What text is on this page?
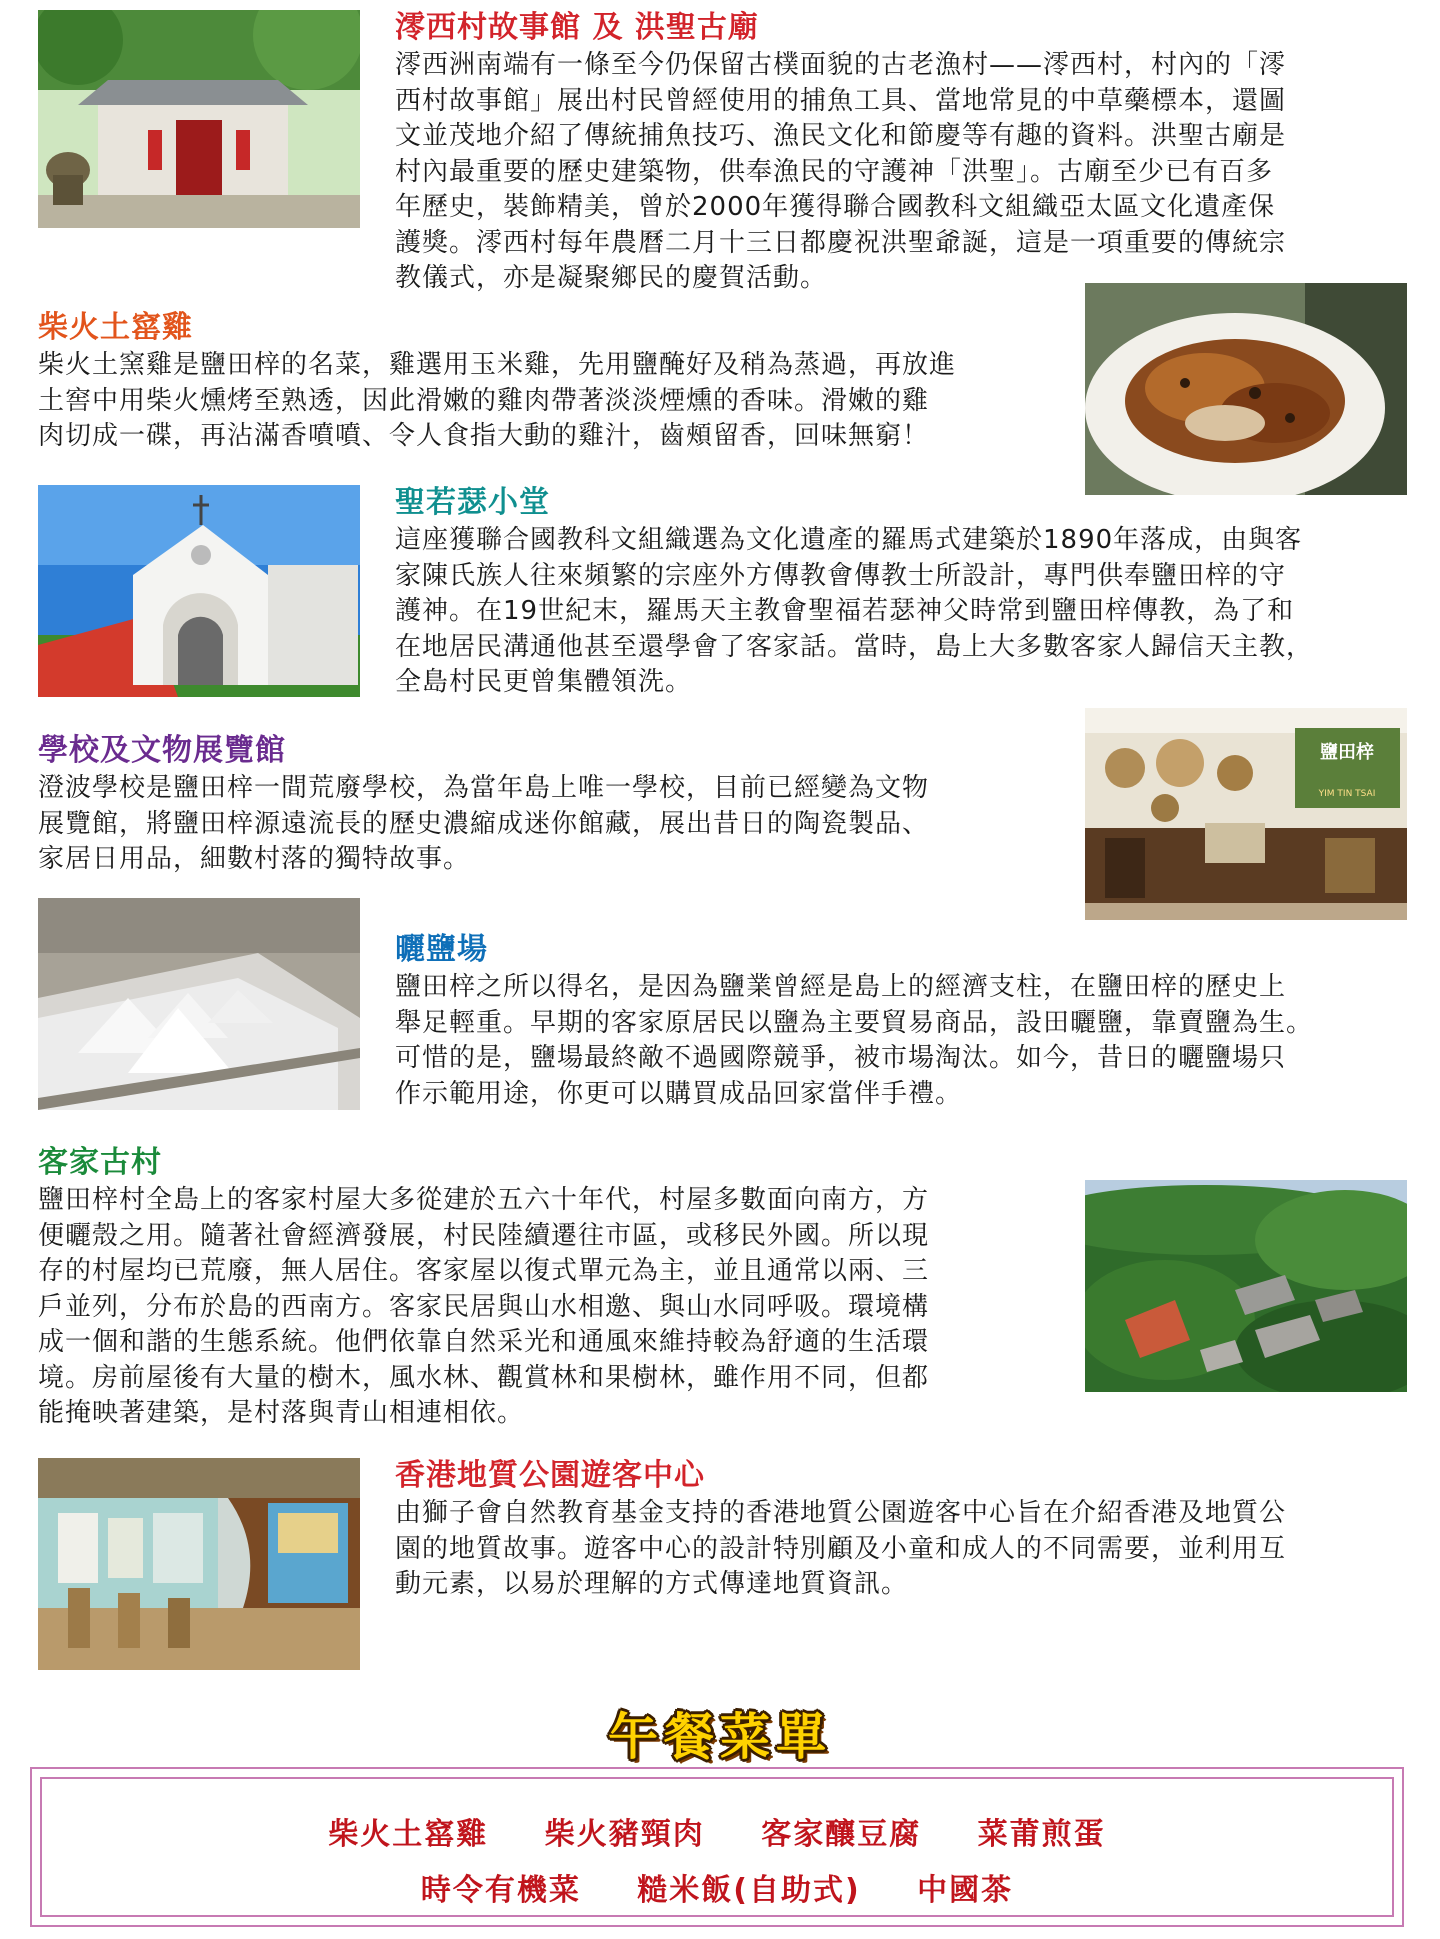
澪西村故事館 及 洪聖古廟
澪西洲南端有一條至今仍保留古樸面貌的古老漁村——澪西村，村內的「澪
西村故事館」展出村民曾經使用的捕魚工具、當地常見的中草藥標本，還圖
文並茂地介紹了傳統捕魚技巧、漁民文化和節慶等有趣的資料。洪聖古廟是
村內最重要的歷史建築物，供奉漁民的守護神「洪聖」。古廟至少已有百多
年歷史，裝飾精美，曾於2000年獲得聯合國教科文組織亞太區文化遺產保
護獎。澪西村每年農曆二月十三日都慶祝洪聖爺誕，這是一項重要的傳統宗
教儀式，亦是凝聚鄉民的慶賀活動。
柴火土窰雞
柴火土窯雞是鹽田梓的名菜，雞選用玉米雞，先用鹽醃好及稍為蒸過，再放進
土窖中用柴火燻烤至熟透，因此滑嫩的雞肉帶著淡淡煙燻的香味。滑嫩的雞
肉切成一碟，再沾滿香噴噴、令人食指大動的雞汁，齒頰留香，回味無窮！
聖若瑟小堂
這座獲聯合國教科文組織選為文化遺產的羅馬式建築於1890年落成，由與客
家陳氏族人往來頻繁的宗座外方傳教會傳教士所設計，專門供奉鹽田梓的守
護神。在19世紀末，羅馬天主教會聖福若瑟神父時常到鹽田梓傳教，為了和
在地居民溝通他甚至還學會了客家話。當時，島上大多數客家人歸信天主教，
全島村民更曾集體領洗。
學校及文物展覽館
澄波學校是鹽田梓一間荒廢學校，為當年島上唯一學校，目前已經變為文物
展覽館，將鹽田梓源遠流長的歷史濃縮成迷你館藏，展出昔日的陶瓷製品、
家居日用品，細數村落的獨特故事。
鹽田梓
YIM TIN TSAI
曬鹽場
鹽田梓之所以得名，是因為鹽業曾經是島上的經濟支柱，在鹽田梓的歷史上
舉足輕重。早期的客家原居民以鹽為主要貿易商品，設田曬鹽，靠賣鹽為生。
可惜的是，鹽場最終敵不過國際競爭，被市場淘汰。如今，昔日的曬鹽場只
作示範用途，你更可以購買成品回家當伴手禮。
客家古村
鹽田梓村全島上的客家村屋大多從建於五六十年代，村屋多數面向南方，方
便曬殼之用。隨著社會經濟發展，村民陸續遷往市區，或移民外國。所以現
存的村屋均已荒廢，無人居住。客家屋以復式單元為主，並且通常以兩、三
戶並列，分布於島的西南方。客家民居與山水相邀、與山水同呼吸。環境構
成一個和諧的生態系統。他們依靠自然采光和通風來維持較為舒適的生活環
境。房前屋後有大量的樹木，風水林、觀賞林和果樹林，雖作用不同，但都
能掩映著建築，是村落與青山相連相依。
香港地質公園遊客中心
由獅子會自然教育基金支持的香港地質公園遊客中心旨在介紹香港及地質公
園的地質故事。遊客中心的設計特別顧及小童和成人的不同需要，並利用互
動元素，以易於理解的方式傳達地質資訊。
午餐菜單
柴火土窰雞 柴火豬頸肉 客家釀豆腐 菜莆煎蛋
時令有機菜 糙米飯(自助式) 中國茶
